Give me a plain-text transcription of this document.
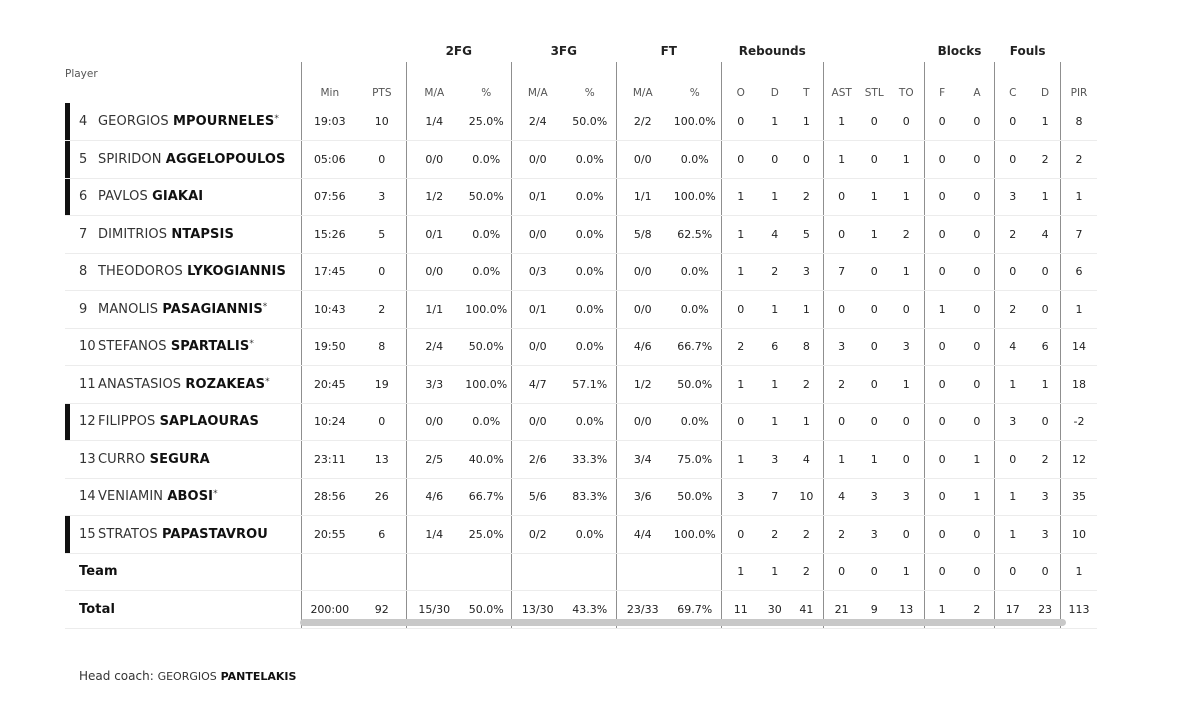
Player			2FG		3FG		FT		Rebounds						Blocks		Fouls		
	Min	PTS	M/A	%	M/A	%	M/A	%	O	D	T	AST	STL	TO	F	A	C	D	PIR

4 GEORGIOS MPOURNELES*	19:03	10	1/4	25.0%	2/4	50.0%	2/2	100.0%	0	1	1	1	0	0	0	0	0	1	8

5 SPIRIDON AGGELOPOULOS	05:06	0	0/0	0.0%	0/0	0.0%	0/0	0.0%	0	0	0	1	0	1	0	0	0	2	2

6 PAVLOS GIAKAI	07:56	3	1/2	50.0%	0/1	0.0%	1/1	100.0%	1	1	2	0	1	1	0	0	3	1	1
7 DIMITRIOS NTAPSIS	15:26	5	0/1	0.0%	0/0	0.0%	5/8	62.5%	1	4	5	0	1	2	0	0	2	4	7
8 THEODOROS LYKOGIANNIS	17:45	0	0/0	0.0%	0/3	0.0%	0/0	0.0%	1	2	3	7	0	1	0	0	0	0	6
9 MANOLIS PASAGIANNIS*	10:43	2	1/1	100.0%	0/1	0.0%	0/0	0.0%	0	1	1	0	0	0	1	0	2	0	1
10 STEFANOS SPARTALIS*	19:50	8	2/4	50.0%	0/0	0.0%	4/6	66.7%	2	6	8	3	0	3	0	0	4	6	14
11 ANASTASIOS ROZAKEAS*	20:45	19	3/3	100.0%	4/7	57.1%	1/2	50.0%	1	1	2	2	0	1	0	0	1	1	18

12 FILIPPOS SAPLAOURAS	10:24	0	0/0	0.0%	0/0	0.0%	0/0	0.0%	0	1	1	0	0	0	0	0	3	0	-2
13 CURRO SEGURA	23:11	13	2/5	40.0%	2/6	33.3%	3/4	75.0%	1	3	4	1	1	0	0	1	0	2	12
14 VENIAMIN ABOSI*	28:56	26	4/6	66.7%	5/6	83.3%	3/6	50.0%	3	7	10	4	3	3	0	1	1	3	35

15 STRATOS PAPASTAVROU	20:55	6	1/4	25.0%	0/2	0.0%	4/4	100.0%	0	2	2	2	3	0	0	0	1	3	10
Team									1	1	2	0	0	1	0	0	0	0	1
Total	200:00	92	15/30	50.0%	13/30	43.3%	23/33	69.7%	11	30	41	21	9	13	1	2	17	23	113
Head coach: GEORGIOS PANTELAKIS
